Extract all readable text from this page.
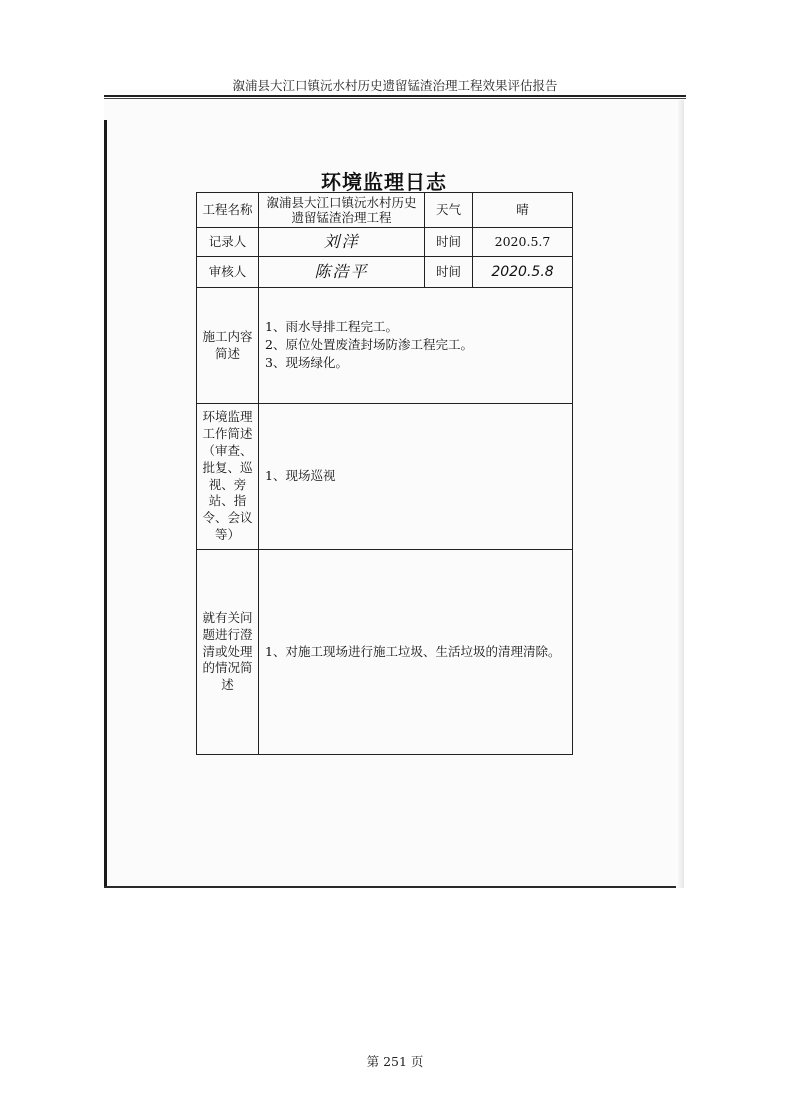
溆浦县大江口镇沅水村历史遗留锰渣治理工程效果评估报告
环境监理日志
工程名称	溆浦县大江口镇沅水村历史遗留锰渣治理工程	天气	晴
记录人	刘洋	时间	2020.5.7
审核人	陈浩平	时间	2020.5.8
施工内容简述	1、雨水导排工程完工。
2、原位处置废渣封场防渗工程完工。
3、现场绿化。		

环境监理工作简述（审查、批复、巡视、旁站、指令、会议等）	1、现场巡视		

就有关问题进行澄清或处理的情况简述	1、对施工现场进行施工垃圾、生活垃圾的清理清除。		
第 251 页
